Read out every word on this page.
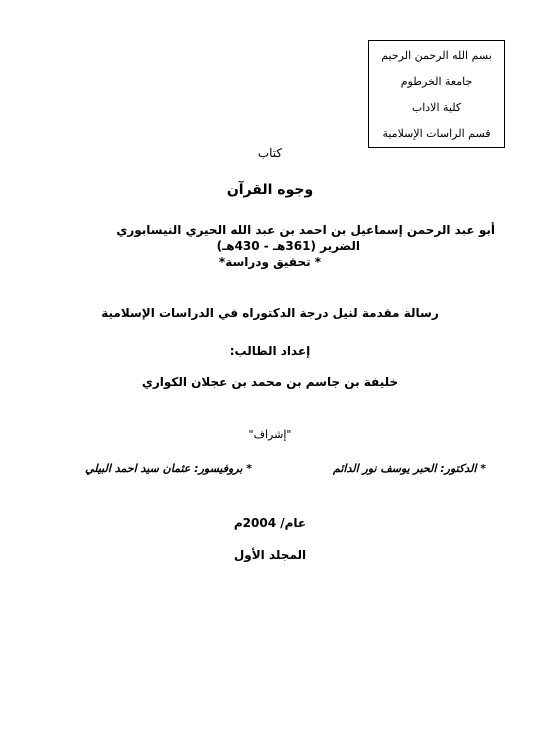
بسم الله الرحمن الرحيم
جامعة الخرطوم
كلية الاداب
قسم الراسات الإسلامية
كتاب
وجوه القرآن
أبو عبد الرحمن إسماعيل بن احمد بن عبد الله الحيري النيسابوري
الضرير (361هـ - 430هـ)
* تحقيق ودراسة*
رسالة مقدمة لنيل درجة الدكتوراه في الدراسات الإسلامية
إعداد الطالب:
خليفة بن جاسم بن محمد بن عجلان الكواري
"إشراف"
* الدكتور: الحبر يوسف نور الدائم
* بروفيسور: عثمان سيد احمد البيلي
عام/ 2004م
المجلد الأول
